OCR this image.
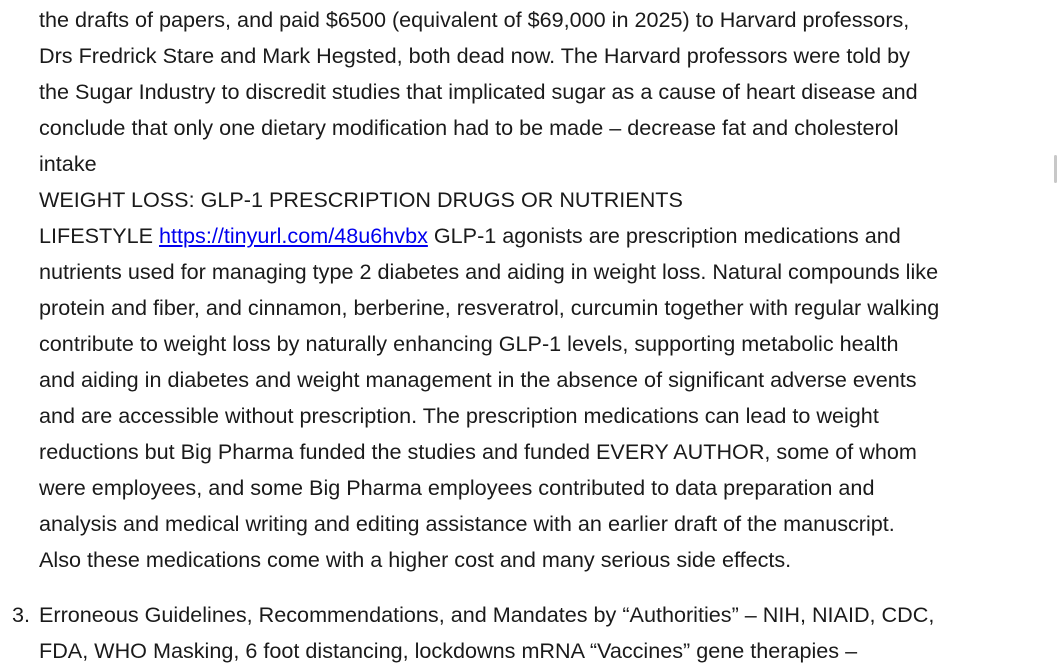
the drafts of papers, and paid $6500 (equivalent of $69,000 in 2025) to Harvard professors,
Drs Fredrick Stare and Mark Hegsted, both dead now. The Harvard professors were told by
the Sugar Industry to discredit studies that implicated sugar as a cause of heart disease and
conclude that only one dietary modification had to be made – decrease fat and cholesterol
intake
WEIGHT LOSS: GLP-1 PRESCRIPTION DRUGS OR NUTRIENTS
LIFESTYLE https://tinyurl.com/48u6hvbx GLP-1 agonists are prescription medications and
nutrients used for managing type 2 diabetes and aiding in weight loss. Natural compounds like
protein and fiber, and cinnamon, berberine, resveratrol, curcumin together with regular walking
contribute to weight loss by naturally enhancing GLP-1 levels, supporting metabolic health
and aiding in diabetes and weight management in the absence of significant adverse events
and are accessible without prescription. The prescription medications can lead to weight
reductions but Big Pharma funded the studies and funded EVERY AUTHOR, some of whom
were employees, and some Big Pharma employees contributed to data preparation and
analysis and medical writing and editing assistance with an earlier draft of the manuscript.
Also these medications come with a higher cost and many serious side effects.

3. Erroneous Guidelines, Recommendations, and Mandates by “Authorities” – NIH, NIAID, CDC,
FDA, WHO Masking, 6 foot distancing, lockdowns mRNA “Vaccines” gene therapies –
